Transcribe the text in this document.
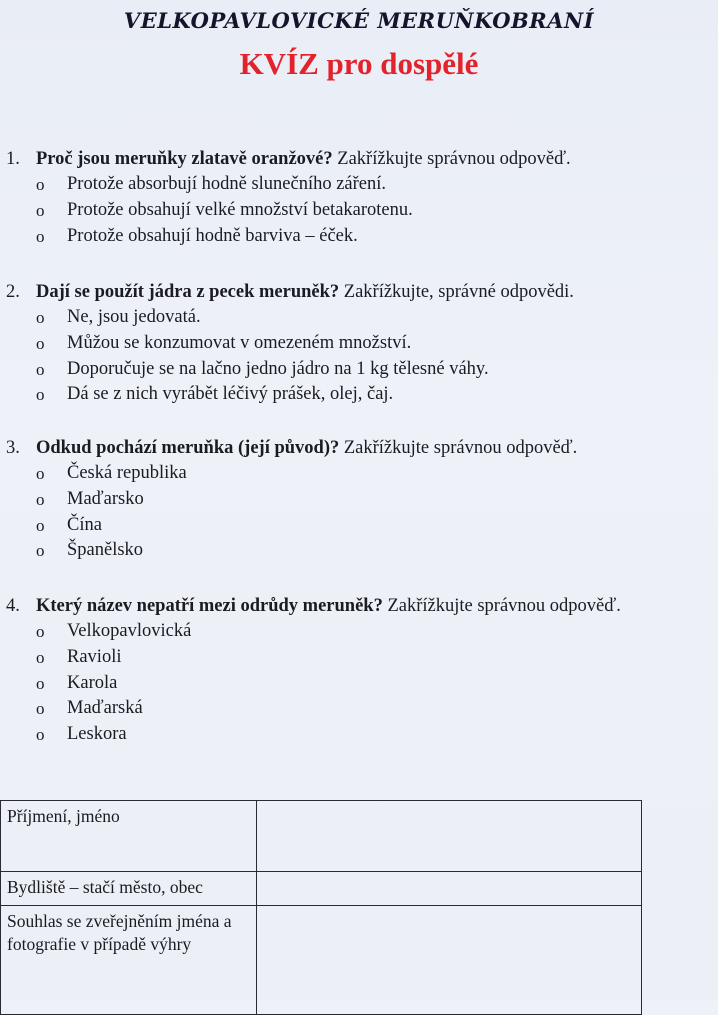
VELKOPAVLOVICKÉ MERUŇKOBRANÍ
KVÍZ pro dospělé
1. Proč jsou meruňky zlatavě oranžové? Zakřížkujte správnou odpověď.
o Protože absorbují hodně slunečního záření.
o Protože obsahují velké množství betakarotenu.
o Protože obsahují hodně barviva – éček.
2. Dají se použít jádra z pecek meruněk? Zakřížkujte, správné odpovědi.
o Ne, jsou jedovatá.
o Můžou se konzumovat v omezeném množství.
o Doporučuje se na lačno jedno jádro na 1 kg tělesné váhy.
o Dá se z nich vyrábět léčivý prášek, olej, čaj.
3. Odkud pochází meruňka (její původ)? Zakřížkujte správnou odpověď.
o Česká republika
o Maďarsko
o Čína
o Španělsko
4. Který název nepatří mezi odrůdy meruněk? Zakřížkujte správnou odpověď.
o Velkopavlovická
o Ravioli
o Karola
o Maďarská
o Leskora
Příjmení, jméno	
Bydliště – stačí město, obec	
Souhlas se zveřejněním jména a fotografie v případě výhry	
